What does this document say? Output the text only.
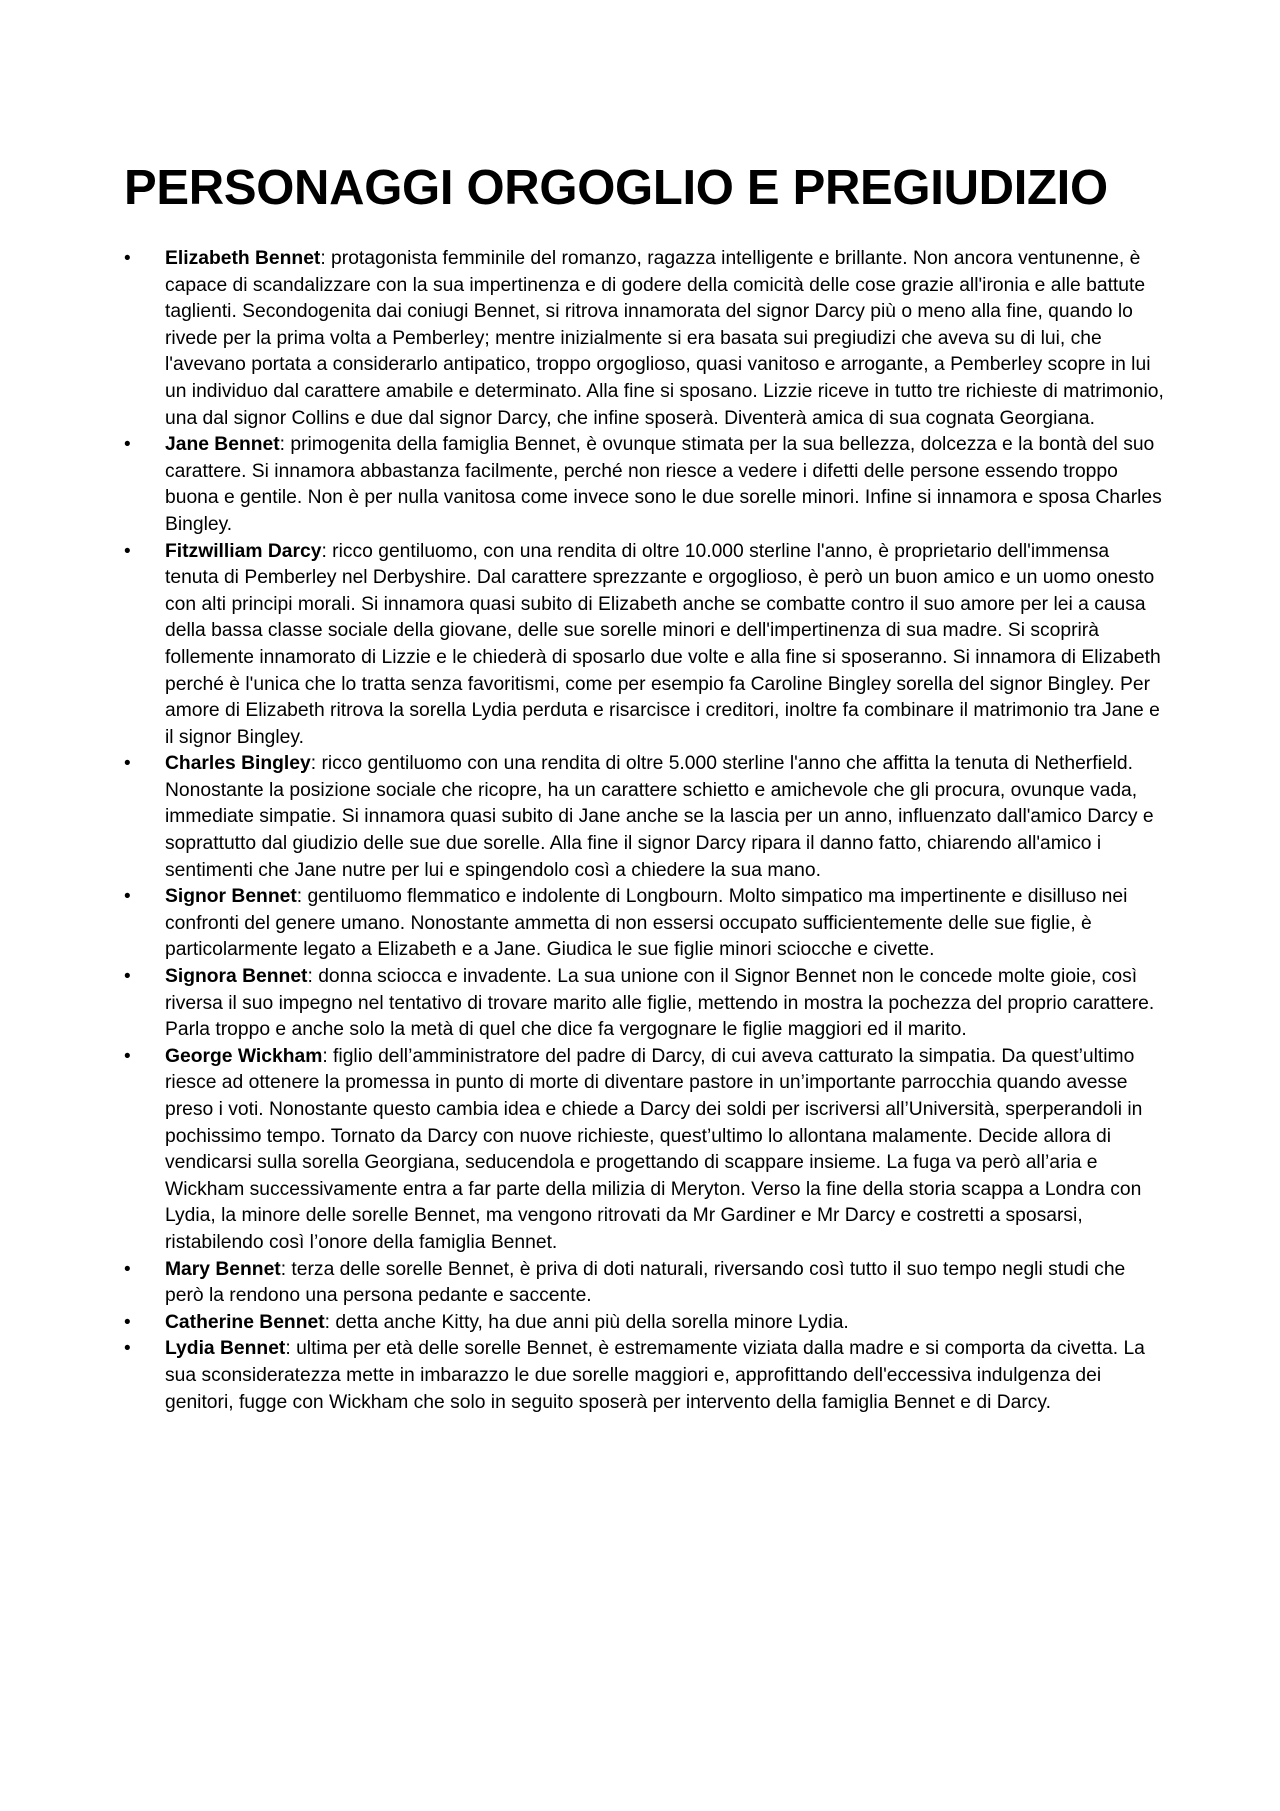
PERSONAGGI ORGOGLIO E PREGIUDIZIO
•	Elizabeth Bennet: protagonista femminile del romanzo, ragazza intelligente e brillante. Non ancora ventunenne, è capace di scandalizzare con la sua impertinenza e di godere della comicità delle cose grazie all'ironia e alle battute taglienti. Secondogenita dai coniugi Bennet, si ritrova innamorata del signor Darcy più o meno alla fine, quando lo rivede per la prima volta a Pemberley; mentre inizialmente si era basata sui pregiudizi che aveva su di lui, che l'avevano portata a considerarlo antipatico, troppo orgoglioso, quasi vanitoso e arrogante, a Pemberley scopre in lui un individuo dal carattere amabile e determinato. Alla fine si sposano. Lizzie riceve in tutto tre richieste di matrimonio, una dal signor Collins e due dal signor Darcy, che infine sposerà. Diventerà amica di sua cognata Georgiana.
•	Jane Bennet: primogenita della famiglia Bennet, è ovunque stimata per la sua bellezza, dolcezza e la bontà del suo carattere. Si innamora abbastanza facilmente, perché non riesce a vedere i difetti delle persone essendo troppo buona e gentile. Non è per nulla vanitosa come invece sono le due sorelle minori. Infine si innamora e sposa Charles Bingley.
•	Fitzwilliam Darcy: ricco gentiluomo, con una rendita di oltre 10.000 sterline l'anno, è proprietario dell'immensa tenuta di Pemberley nel Derbyshire. Dal carattere sprezzante e orgoglioso, è però un buon amico e un uomo onesto con alti principi morali. Si innamora quasi subito di Elizabeth anche se combatte contro il suo amore per lei a causa della bassa classe sociale della giovane, delle sue sorelle minori e dell'impertinenza di sua madre. Si scoprirà follemente innamorato di Lizzie e le chiederà di sposarlo due volte e alla fine si sposeranno. Si innamora di Elizabeth perché è l'unica che lo tratta senza favoritismi, come per esempio fa Caroline Bingley sorella del signor Bingley. Per amore di Elizabeth ritrova la sorella Lydia perduta e risarcisce i creditori, inoltre fa combinare il matrimonio tra Jane e il signor Bingley.
•	Charles Bingley: ricco gentiluomo con una rendita di oltre 5.000 sterline l'anno che affitta la tenuta di Netherfield. Nonostante la posizione sociale che ricopre, ha un carattere schietto e amichevole che gli procura, ovunque vada, immediate simpatie. Si innamora quasi subito di Jane anche se la lascia per un anno, influenzato dall'amico Darcy e soprattutto dal giudizio delle sue due sorelle. Alla fine il signor Darcy ripara il danno fatto, chiarendo all'amico i sentimenti che Jane nutre per lui e spingendolo così a chiedere la sua mano.
•	Signor Bennet: gentiluomo flemmatico e indolente di Longbourn. Molto simpatico ma impertinente e disilluso nei confronti del genere umano. Nonostante ammetta di non essersi occupato sufficientemente delle sue figlie, è particolarmente legato a Elizabeth e a Jane. Giudica le sue figlie minori sciocche e civette.
•	Signora Bennet: donna sciocca e invadente. La sua unione con il Signor Bennet non le concede molte gioie, così riversa il suo impegno nel tentativo di trovare marito alle figlie, mettendo in mostra la pochezza del proprio carattere. Parla troppo e anche solo la metà di quel che dice fa vergognare le figlie maggiori ed il marito.
•	George Wickham: figlio dell’amministratore del padre di Darcy, di cui aveva catturato la simpatia. Da quest’ultimo riesce ad ottenere la promessa in punto di morte di diventare pastore in un’importante parrocchia quando avesse preso i voti. Nonostante questo cambia idea e chiede a Darcy dei soldi per iscriversi all’Università, sperperandoli in pochissimo tempo. Tornato da Darcy con nuove richieste, quest’ultimo lo allontana malamente. Decide allora di vendicarsi sulla sorella Georgiana, seducendola e progettando di scappare insieme. La fuga va però all’aria e Wickham successivamente entra a far parte della milizia di Meryton. Verso la fine della storia scappa a Londra con Lydia, la minore delle sorelle Bennet, ma vengono ritrovati da Mr Gardiner e Mr Darcy e costretti a sposarsi, ristabilendo così l’onore della famiglia Bennet.
•	Mary Bennet: terza delle sorelle Bennet, è priva di doti naturali, riversando così tutto il suo tempo negli studi che però la rendono una persona pedante e saccente.
•	Catherine Bennet: detta anche Kitty, ha due anni più della sorella minore Lydia.
•	Lydia Bennet: ultima per età delle sorelle Bennet, è estremamente viziata dalla madre e si comporta da civetta. La sua sconsideratezza mette in imbarazzo le due sorelle maggiori e, approfittando dell'eccessiva indulgenza dei genitori, fugge con Wickham che solo in seguito sposerà per intervento della famiglia Bennet e di Darcy.
